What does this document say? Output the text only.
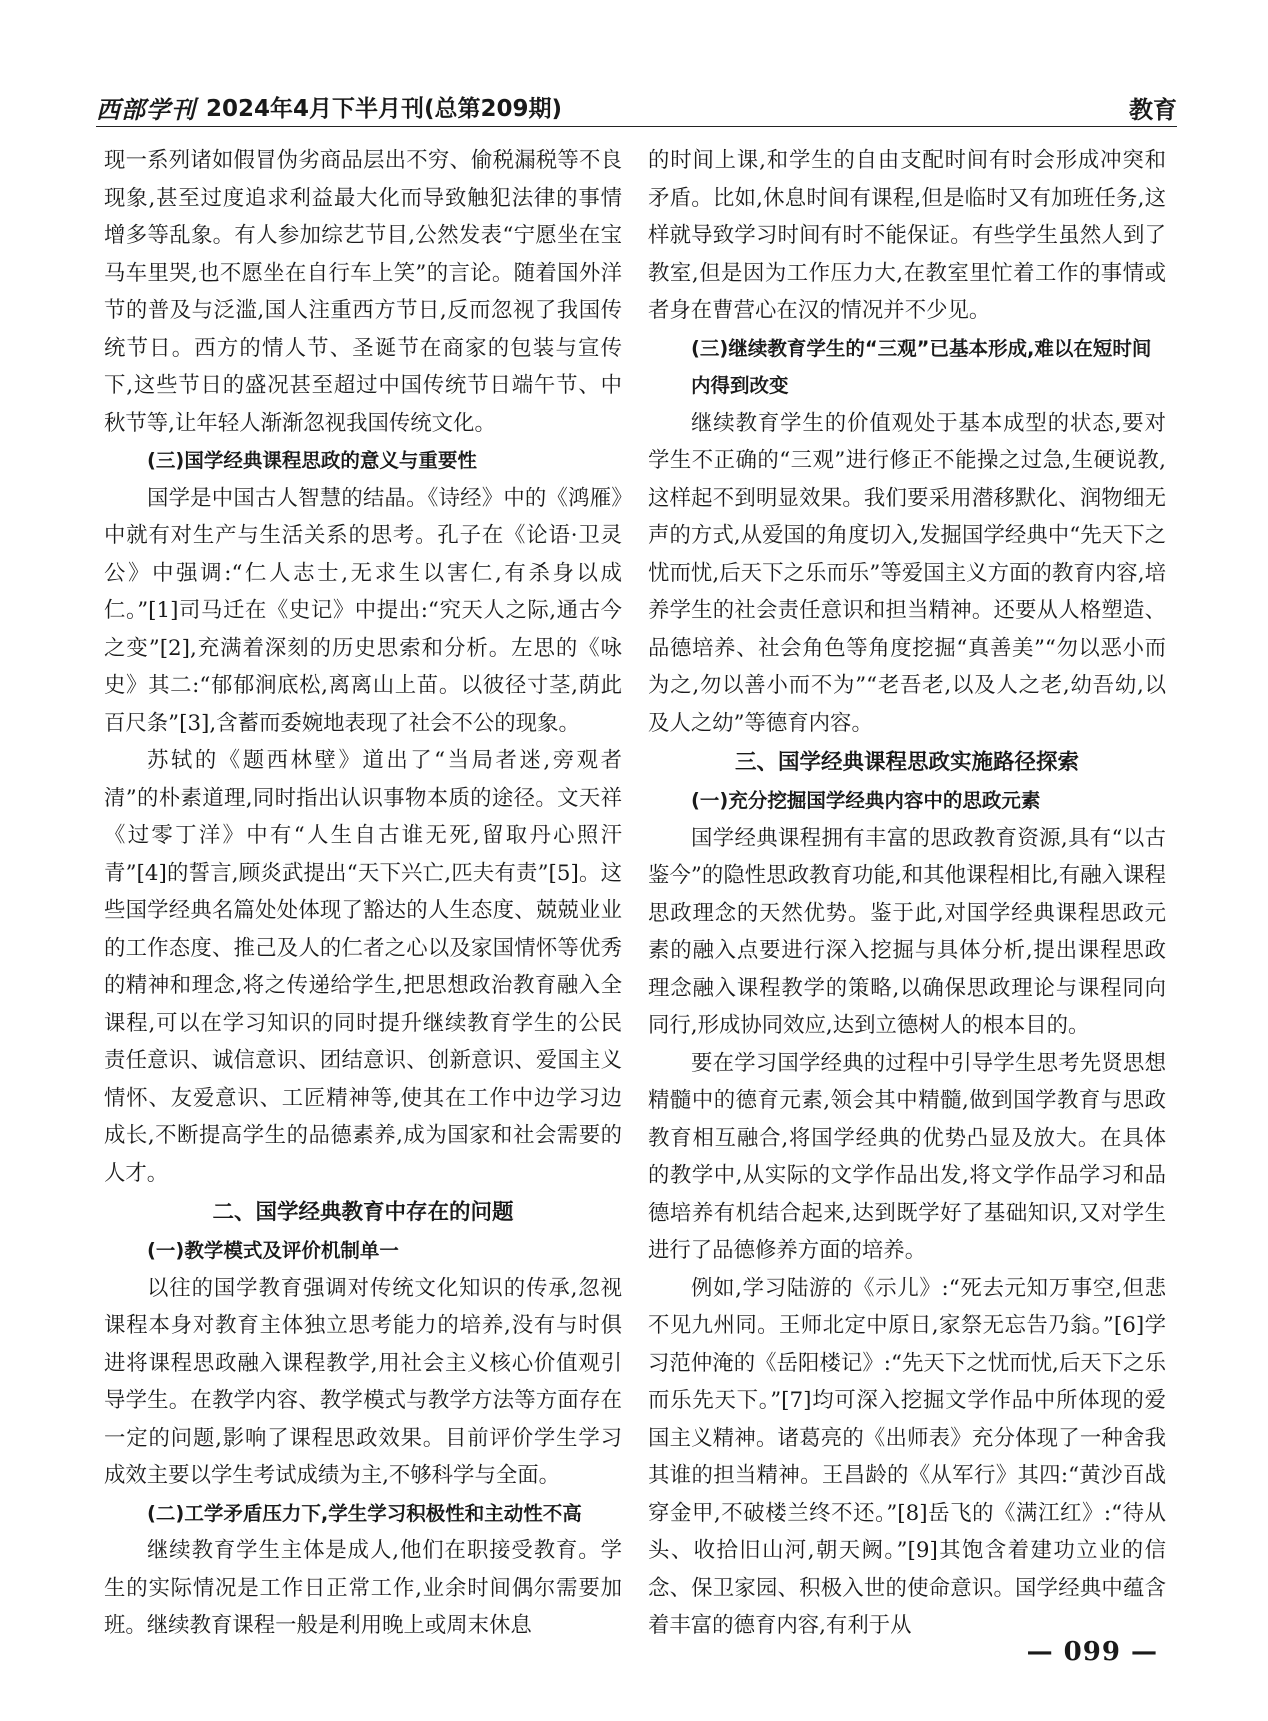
西部学刊 2024年4月下半月刊(总第209期)	教育

现一系列诸如假冒伪劣商品层出不穷、偷税漏税等不良现象,甚至过度追求利益最大化而导致触犯法律的事情增多等乱象。有人参加综艺节目,公然发表“宁愿坐在宝马车里哭,也不愿坐在自行车上笑”的言论。随着国外洋节的普及与泛滥,国人注重西方节日,反而忽视了我国传统节日。西方的情人节、圣诞节在商家的包装与宣传下,这些节日的盛况甚至超过中国传统节日端午节、中秋节等,让年轻人渐渐忽视我国传统文化。

(三)国学经典课程思政的意义与重要性

国学是中国古人智慧的结晶。《诗经》中的《鸿雁》中就有对生产与生活关系的思考。孔子在《论语·卫灵公》中强调:“仁人志士,无求生以害仁,有杀身以成仁。”[1]司马迁在《史记》中提出:“究天人之际,通古今之变”[2],充满着深刻的历史思索和分析。左思的《咏史》其二:“郁郁涧底松,离离山上苗。以彼径寸茎,荫此百尺条”[3],含蓄而委婉地表现了社会不公的现象。

苏轼的《题西林壁》道出了“当局者迷,旁观者清”的朴素道理,同时指出认识事物本质的途径。文天祥《过零丁洋》中有“人生自古谁无死,留取丹心照汗青”[4]的誓言,顾炎武提出“天下兴亡,匹夫有责”[5]。这些国学经典名篇处处体现了豁达的人生态度、兢兢业业的工作态度、推己及人的仁者之心以及家国情怀等优秀的精神和理念,将之传递给学生,把思想政治教育融入全课程,可以在学习知识的同时提升继续教育学生的公民责任意识、诚信意识、团结意识、创新意识、爱国主义情怀、友爱意识、工匠精神等,使其在工作中边学习边成长,不断提高学生的品德素养,成为国家和社会需要的人才。

二、国学经典教育中存在的问题
(一)教学模式及评价机制单一

以往的国学教育强调对传统文化知识的传承,忽视课程本身对教育主体独立思考能力的培养,没有与时俱进将课程思政融入课程教学,用社会主义核心价值观引导学生。在教学内容、教学模式与教学方法等方面存在一定的问题,影响了课程思政效果。目前评价学生学习成效主要以学生考试成绩为主,不够科学与全面。

(二)工学矛盾压力下,学生学习积极性和主动性不高

继续教育学生主体是成人,他们在职接受教育。学生的实际情况是工作日正常工作,业余时间偶尔需要加班。继续教育课程一般是利用晚上或周末休息

的时间上课,和学生的自由支配时间有时会形成冲突和矛盾。比如,休息时间有课程,但是临时又有加班任务,这样就导致学习时间有时不能保证。有些学生虽然人到了教室,但是因为工作压力大,在教室里忙着工作的事情或者身在曹营心在汉的情况并不少见。

(三)继续教育学生的“三观”已基本形成,难以在短时间内得到改变

继续教育学生的价值观处于基本成型的状态,要对学生不正确的“三观”进行修正不能操之过急,生硬说教,这样起不到明显效果。我们要采用潜移默化、润物细无声的方式,从爱国的角度切入,发掘国学经典中“先天下之忧而忧,后天下之乐而乐”等爱国主义方面的教育内容,培养学生的社会责任意识和担当精神。还要从人格塑造、品德培养、社会角色等角度挖掘“真善美”“勿以恶小而为之,勿以善小而不为”“老吾老,以及人之老,幼吾幼,以及人之幼”等德育内容。

三、国学经典课程思政实施路径探索
(一)充分挖掘国学经典内容中的思政元素

国学经典课程拥有丰富的思政教育资源,具有“以古鉴今”的隐性思政教育功能,和其他课程相比,有融入课程思政理念的天然优势。鉴于此,对国学经典课程思政元素的融入点要进行深入挖掘与具体分析,提出课程思政理念融入课程教学的策略,以确保思政理论与课程同向同行,形成协同效应,达到立德树人的根本目的。

要在学习国学经典的过程中引导学生思考先贤思想精髓中的德育元素,领会其中精髓,做到国学教育与思政教育相互融合,将国学经典的优势凸显及放大。在具体的教学中,从实际的文学作品出发,将文学作品学习和品德培养有机结合起来,达到既学好了基础知识,又对学生进行了品德修养方面的培养。

例如,学习陆游的《示儿》:“死去元知万事空,但悲不见九州同。王师北定中原日,家祭无忘告乃翁。”[6]学习范仲淹的《岳阳楼记》:“先天下之忧而忧,后天下之乐而乐先天下。”[7]均可深入挖掘文学作品中所体现的爱国主义精神。诸葛亮的《出师表》充分体现了一种舍我其谁的担当精神。王昌龄的《从军行》其四:“黄沙百战穿金甲,不破楼兰终不还。”[8]岳飞的《满江红》:“待从头、收拾旧山河,朝天阙。”[9]其饱含着建功立业的信念、保卫家园、积极入世的使命意识。国学经典中蕴含着丰富的德育内容,有利于从

— 099 —
